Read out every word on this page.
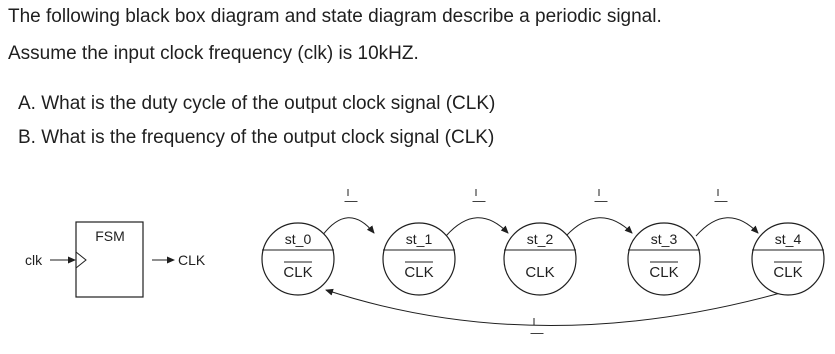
The following black box diagram and state diagram describe a periodic signal.
Assume the input clock frequency (clk) is 10kHZ.
A. What is the duty cycle of the output clock signal (CLK)
B. What is the frequency of the output clock signal (CLK)
FSM
clk	CLK
—	—	—	—
—
st_0
CLK
st_1
CLK
st_2
CLK
st_3
CLK
st_4
CLK
